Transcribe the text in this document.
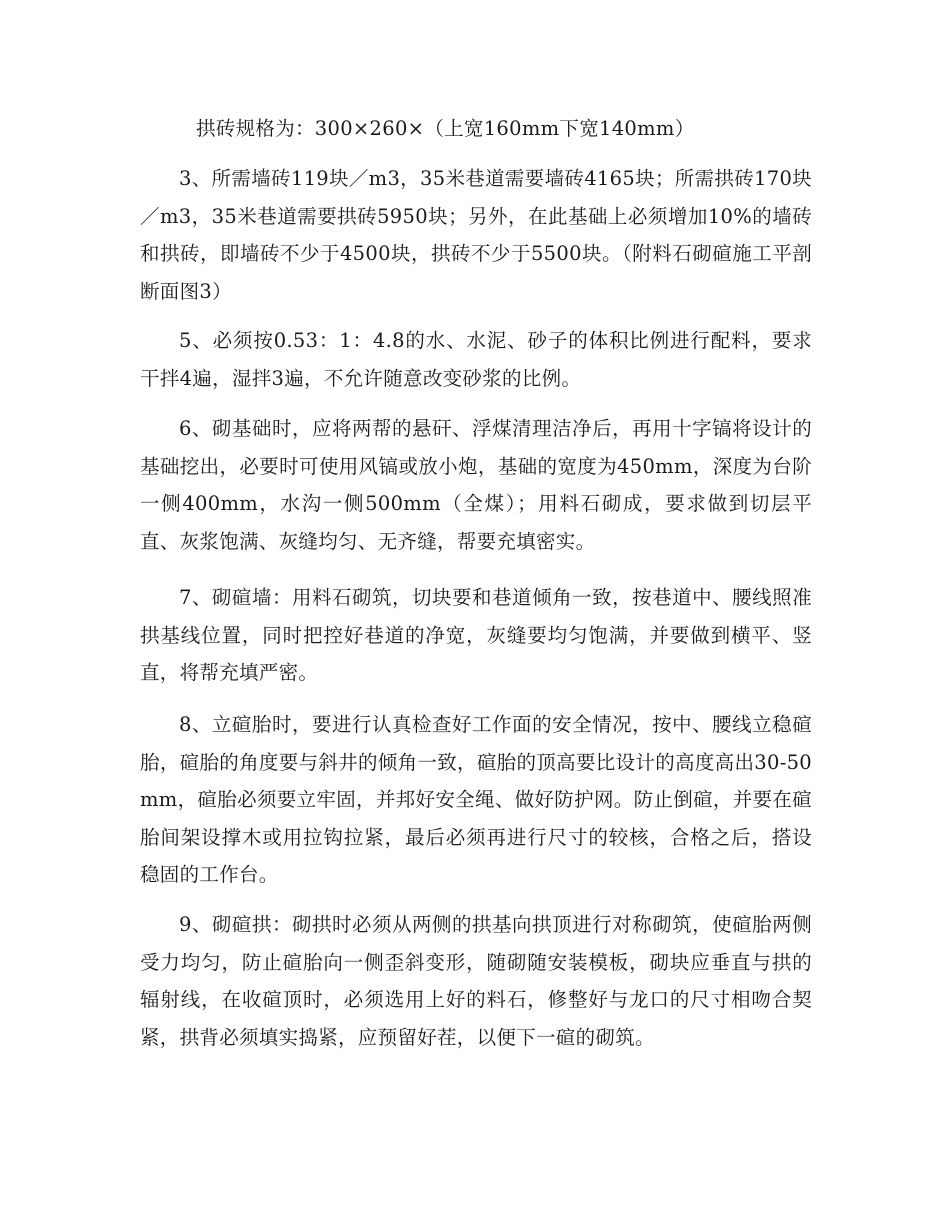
拱砖规格为：300×260×（上宽160mm下宽140mm）

3、所需墙砖119块／m3，35米巷道需要墙砖4165块；所需拱砖170块／m3，35米巷道需要拱砖5950块；另外，在此基础上必须增加10%的墙砖和拱砖，即墙砖不少于4500块，拱砖不少于5500块。（附料石砌碹施工平剖断面图3）

5、必须按0.53：1：4.8的水、水泥、砂子的体积比例进行配料，要求干拌4遍，湿拌3遍，不允许随意改变砂浆的比例。

6、砌基础时，应将两帮的悬矸、浮煤清理洁净后，再用十字镐将设计的基础挖出，必要时可使用风镐或放小炮，基础的宽度为450mm，深度为台阶一侧400mm，水沟一侧500mm（全煤）；用料石砌成，要求做到切层平直、灰浆饱满、灰缝均匀、无齐缝，帮要充填密实。

7、砌碹墙：用料石砌筑，切块要和巷道倾角一致，按巷道中、腰线照准拱基线位置，同时把控好巷道的净宽，灰缝要均匀饱满，并要做到横平、竖直，将帮充填严密。

8、立碹胎时，要进行认真检查好工作面的安全情况，按中、腰线立稳碹胎，碹胎的角度要与斜井的倾角一致，碹胎的顶高要比设计的高度高出30-50mm，碹胎必须要立牢固，并邦好安全绳、做好防护网。防止倒碹，并要在碹胎间架设撑木或用拉钩拉紧，最后必须再进行尺寸的较核，合格之后，搭设稳固的工作台。

9、砌碹拱：砌拱时必须从两侧的拱基向拱顶进行对称砌筑，使碹胎两侧受力均匀，防止碹胎向一侧歪斜变形，随砌随安装模板，砌块应垂直与拱的辐射线，在收碹顶时，必须选用上好的料石，修整好与龙口的尺寸相吻合契紧，拱背必须填实捣紧，应预留好茬，以便下一碹的砌筑。
